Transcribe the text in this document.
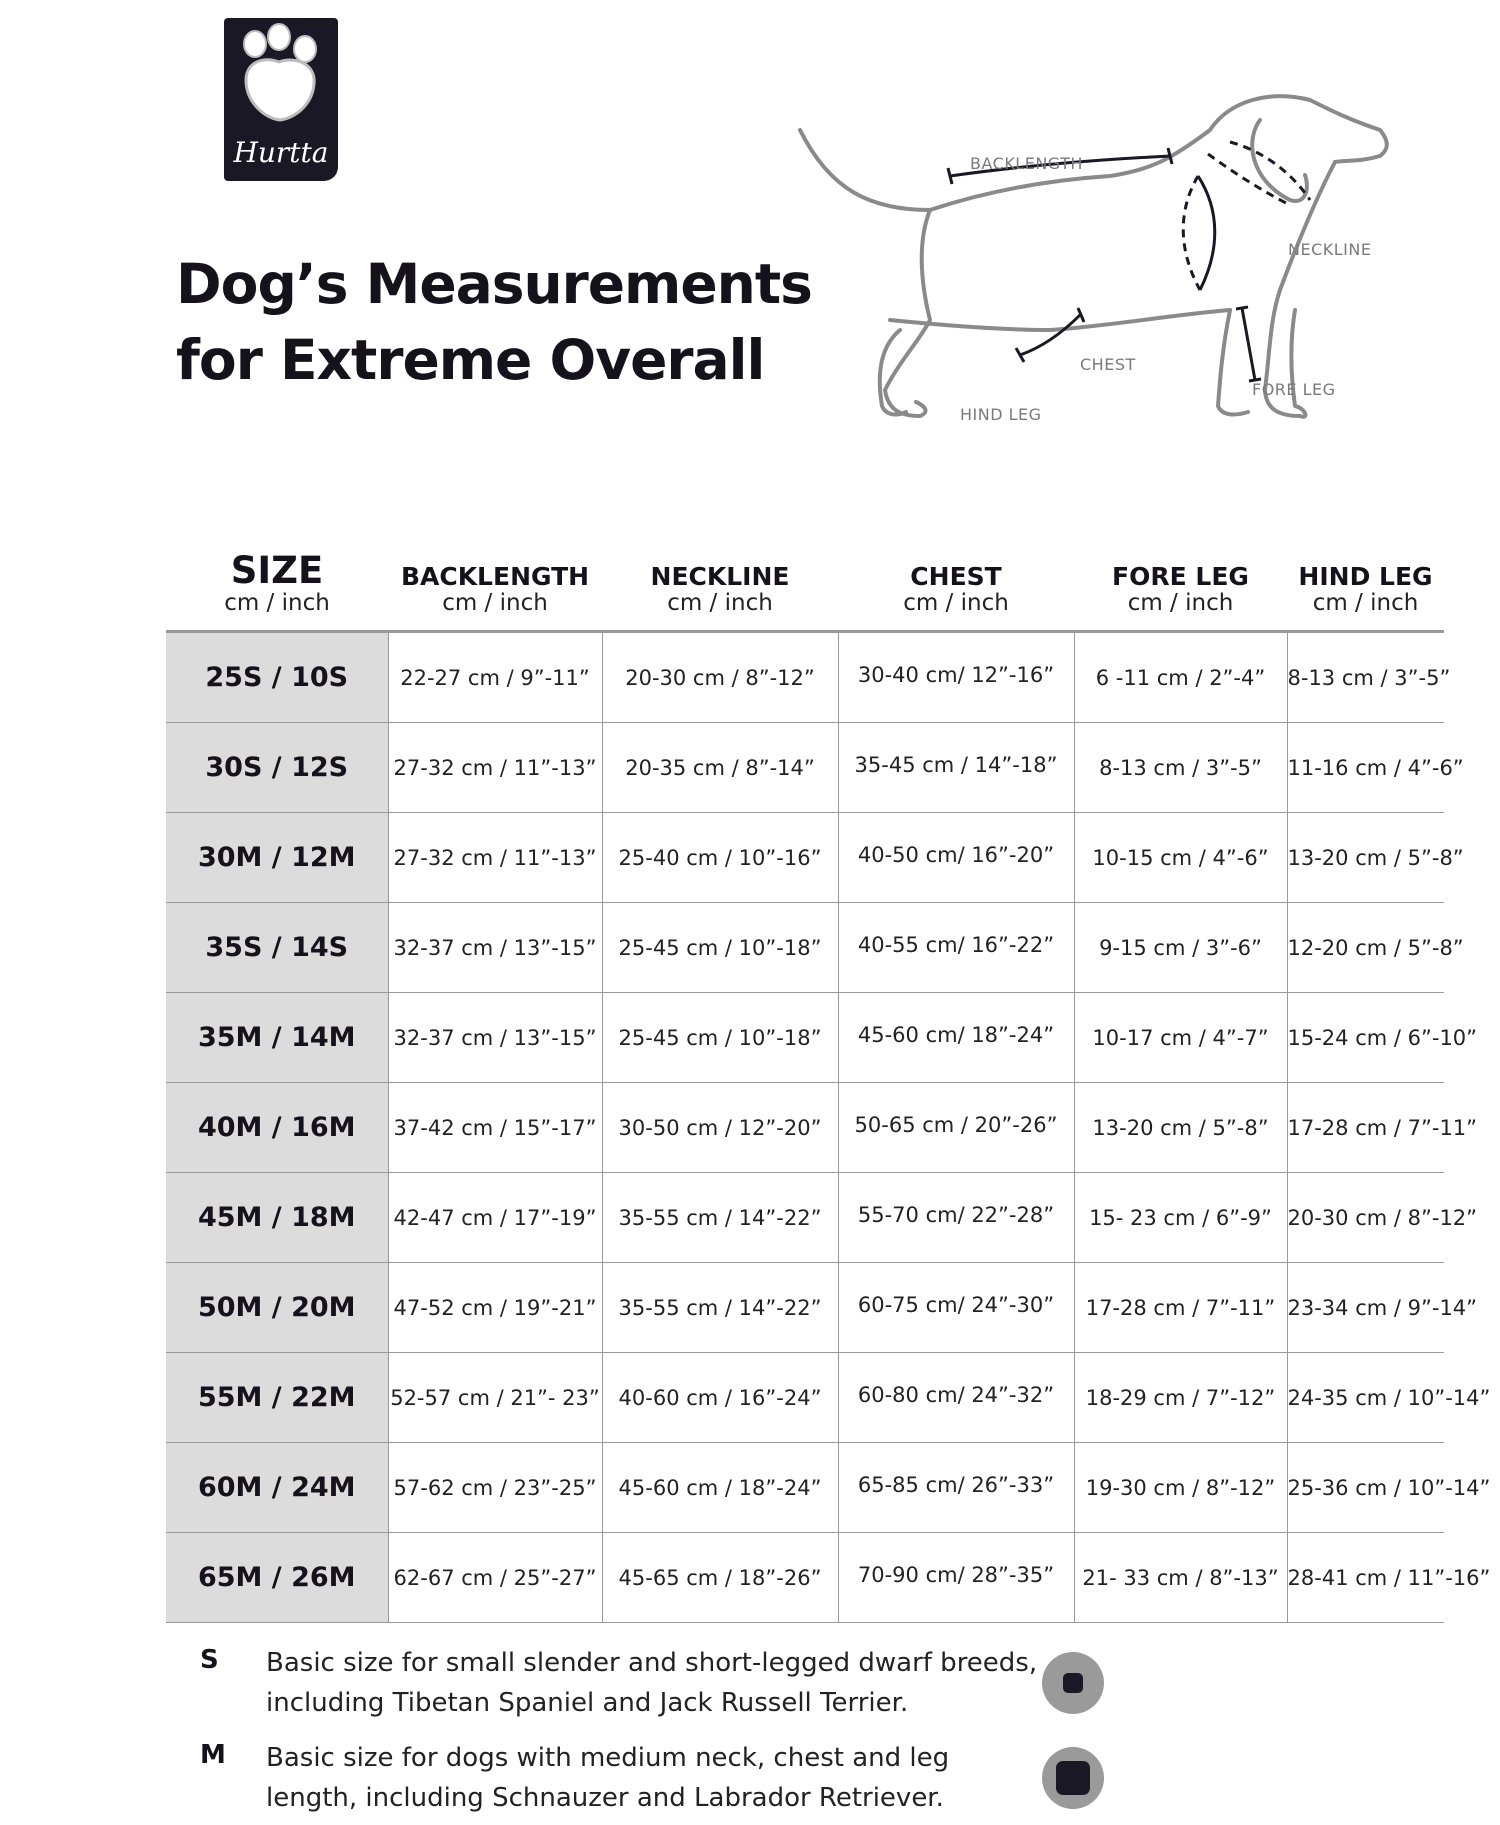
Hurtta
Dog’s Measurements
for Extreme Overall
BACKLENGTH
NECKLINE
CHEST
FORE LEG
HIND LEG
SIZE
cm / inch	BACKLENGTH
cm / inch	NECKLINE
cm / inch	CHEST
cm / inch	FORE LEG
cm / inch	HIND LEG
cm / inch

25S / 10S	22-27 cm / 9”-11”	20-30 cm / 8”-12”	30-40 cm/ 12”-16”	6 -11 cm / 2”-4”	8-13 cm / 3”-5”
30S / 12S	27-32 cm / 11”-13”	20-35 cm / 8”-14”	35-45 cm / 14”-18”	8-13 cm / 3”-5”	11-16 cm / 4”-6”
30M / 12M	27-32 cm / 11”-13”	25-40 cm / 10”-16”	40-50 cm/ 16”-20”	10-15 cm / 4”-6”	13-20 cm / 5”-8”
35S / 14S	32-37 cm / 13”-15”	25-45 cm / 10”-18”	40-55 cm/ 16”-22”	9-15 cm / 3”-6”	12-20 cm / 5”-8”
35M / 14M	32-37 cm / 13”-15”	25-45 cm / 10”-18”	45-60 cm/ 18”-24”	10-17 cm / 4”-7”	15-24 cm / 6”-10”
40M / 16M	37-42 cm / 15”-17”	30-50 cm / 12”-20”	50-65 cm / 20”-26”	13-20 cm / 5”-8”	17-28 cm / 7”-11”
45M / 18M	42-47 cm / 17”-19”	35-55 cm / 14”-22”	55-70 cm/ 22”-28”	15- 23 cm / 6”-9”	20-30 cm / 8”-12”
50M / 20M	47-52 cm / 19”-21”	35-55 cm / 14”-22”	60-75 cm/ 24”-30”	17-28 cm / 7”-11”	23-34 cm / 9”-14”
55M / 22M	52-57 cm / 21”- 23”	40-60 cm / 16”-24”	60-80 cm/ 24”-32”	18-29 cm / 7”-12”	24-35 cm / 10”-14”
60M / 24M	57-62 cm / 23”-25”	45-60 cm / 18”-24”	65-85 cm/ 26”-33”	19-30 cm / 8”-12”	25-36 cm / 10”-14”
65M / 26M	62-67 cm / 25”-27”	45-65 cm / 18”-26”	70-90 cm/ 28”-35”	21- 33 cm / 8”-13”	28-41 cm / 11”-16”
S Basic size for small slender and short-legged dwarf breeds, including Tibetan Spaniel and Jack Russell Terrier.
M Basic size for dogs with medium neck, chest and leg length, including Schnauzer and Labrador Retriever.
